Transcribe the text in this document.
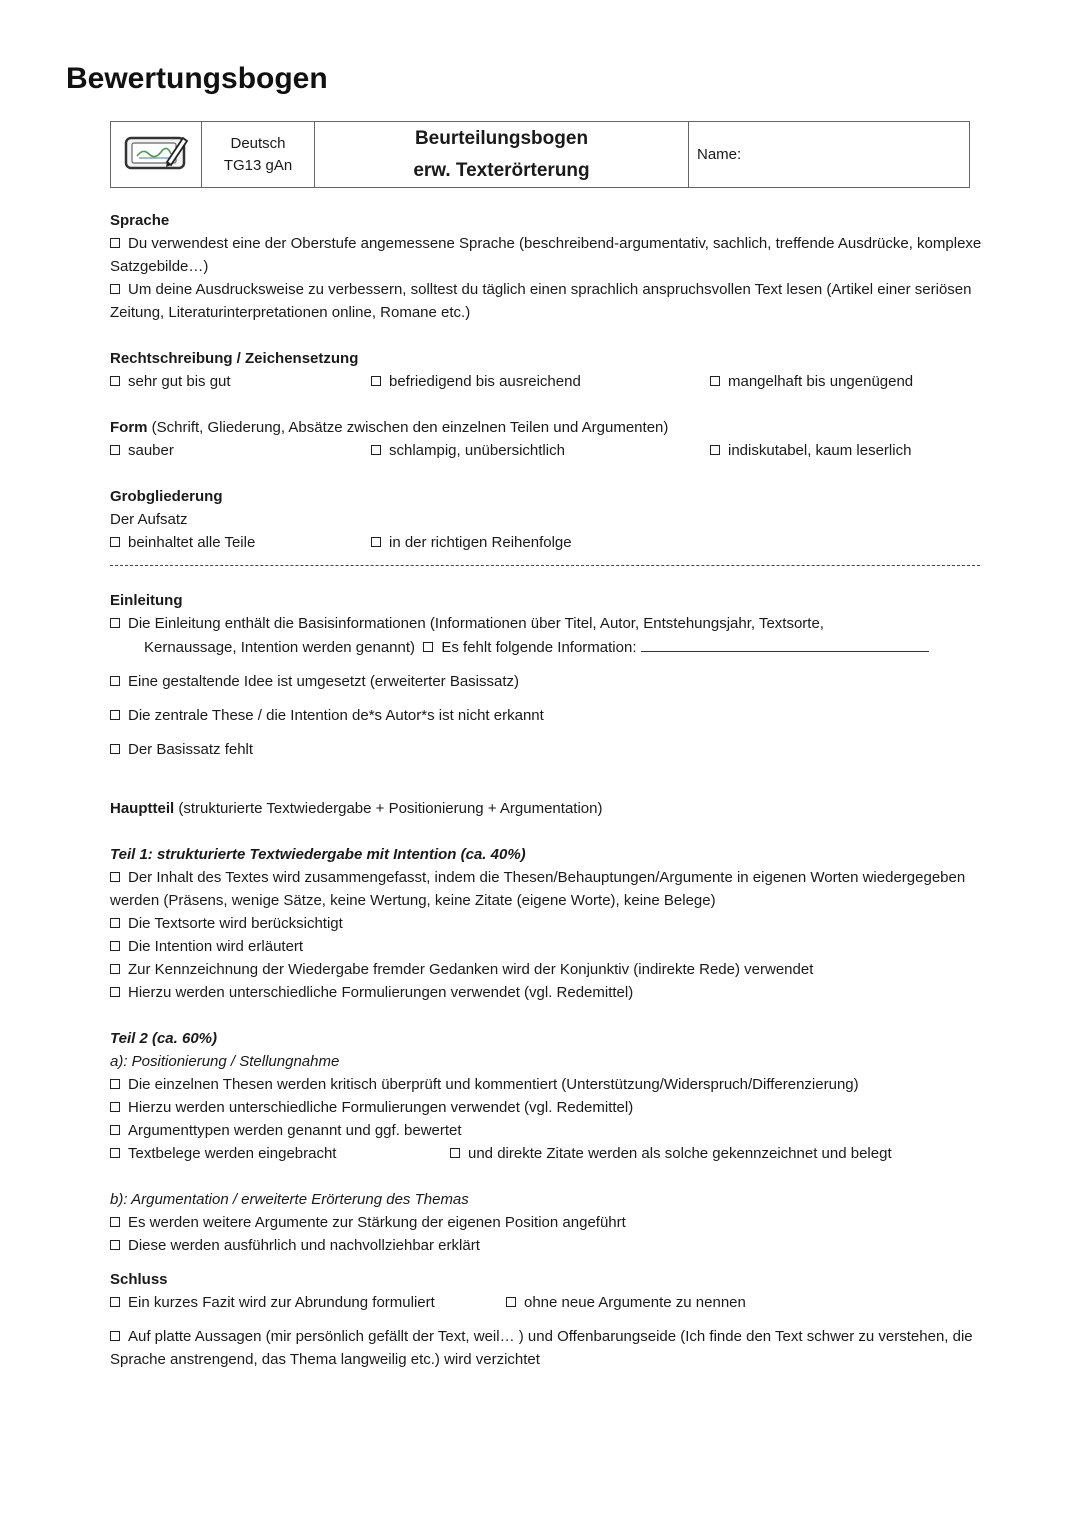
Bewertungsbogen

Deutsch
TG13 gAn

Beurteilungsbogen
erw. Texterörterung
	Name:
Sprache
Du verwendest eine der Oberstufe angemessene Sprache (beschreibend-argumentativ, sachlich, treffende Ausdrücke, komplexe Satzgebilde…)
Um deine Ausdrucksweise zu verbessern, solltest du täglich einen sprachlich anspruchsvollen Text lesen (Artikel einer seriösen Zeitung, Literaturinterpretationen online, Romane etc.)
Rechtschreibung / Zeichensetzung
sehr gut bis gut	befriedigend bis ausreichend	mangelhaft bis ungenügend
Form (Schrift, Gliederung, Absätze zwischen den einzelnen Teilen und Argumenten)
sauber	schlampig, unübersichtlich	indiskutabel, kaum leserlich
Grobgliederung
Der Aufsatz
beinhaltet alle Teile	in der richtigen Reihenfolge
Einleitung
Die Einleitung enthält die Basisinformationen (Informationen über Titel, Autor, Entstehungsjahr, Textsorte,
Kernaussage, Intention werden genannt) Es fehlt folgende Information:
Eine gestaltende Idee ist umgesetzt (erweiterter Basissatz)
Die zentrale These / die Intention de*s Autor*s ist nicht erkannt
Der Basissatz fehlt
Hauptteil (strukturierte Textwiedergabe + Positionierung + Argumentation)
Teil 1: strukturierte Textwiedergabe mit Intention (ca. 40%)
Der Inhalt des Textes wird zusammengefasst, indem die Thesen/Behauptungen/Argumente in eigenen Worten wiedergegeben werden (Präsens, wenige Sätze, keine Wertung, keine Zitate (eigene Worte), keine Belege)
Die Textsorte wird berücksichtigt
Die Intention wird erläutert
Zur Kennzeichnung der Wiedergabe fremder Gedanken wird der Konjunktiv (indirekte Rede) verwendet
Hierzu werden unterschiedliche Formulierungen verwendet (vgl. Redemittel)
Teil 2 (ca. 60%)
a): Positionierung / Stellungnahme
Die einzelnen Thesen werden kritisch überprüft und kommentiert (Unterstützung/Widerspruch/Differenzierung)
Hierzu werden unterschiedliche Formulierungen verwendet (vgl. Redemittel)
Argumenttypen werden genannt und ggf. bewertet
Textbelege werden eingebracht	und direkte Zitate werden als solche gekennzeichnet und belegt
b): Argumentation / erweiterte Erörterung des Themas
Es werden weitere Argumente zur Stärkung der eigenen Position angeführt
Diese werden ausführlich und nachvollziehbar erklärt
Schluss
Ein kurzes Fazit wird zur Abrundung formuliert	ohne neue Argumente zu nennen
Auf platte Aussagen (mir persönlich gefällt der Text, weil… ) und Offenbarungseide (Ich finde den Text schwer zu verstehen, die Sprache anstrengend, das Thema langweilig etc.) wird verzichtet
